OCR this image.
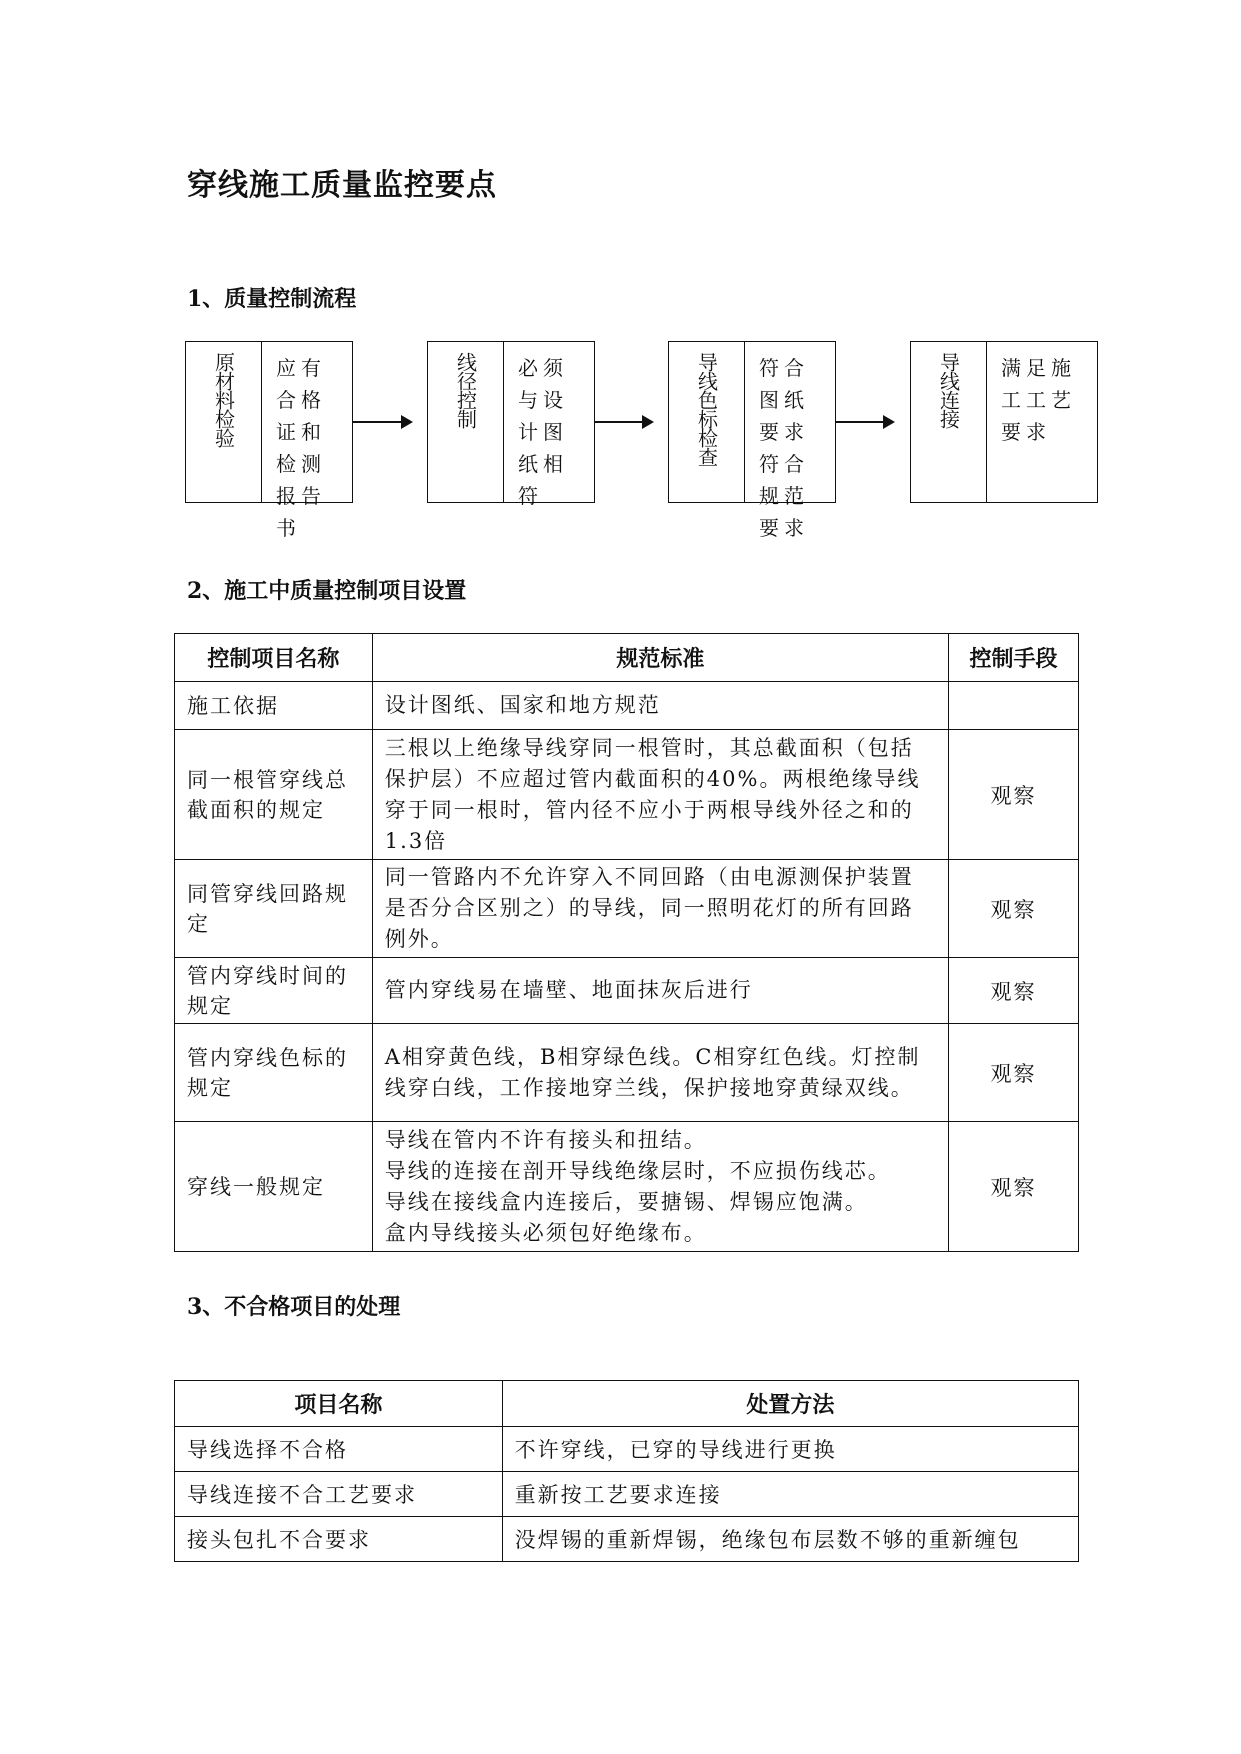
穿线施工质量监控要点
1、质量控制流程
原材料检验	应有合格证和检测报告书
线径控制	必须与设计图纸相符
导线色标检查	符合图纸要求符合规范要求
导线连接	满足施工工艺要求
2、施工中质量控制项目设置
控制项目名称	规范标准	控制手段
施工依据	设计图纸、国家和地方规范	
同一根管穿线总截面积的规定	三根以上绝缘导线穿同一根管时，其总截面积（包括保护层）不应超过管内截面积的40%。两根绝缘导线穿于同一根时，管内径不应小于两根导线外径之和的1.3倍	观察
同管穿线回路规定	同一管路内不允许穿入不同回路（由电源测保护装置是否分合区别之）的导线，同一照明花灯的所有回路例外。	观察
管内穿线时间的规定	管内穿线易在墙壁、地面抹灰后进行	观察
管内穿线色标的规定	A相穿黄色线，B相穿绿色线。C相穿红色线。灯控制线穿白线，工作接地穿兰线，保护接地穿黄绿双线。	观察
穿线一般规定	导线在管内不许有接头和扭结。
导线的连接在剖开导线绝缘层时，不应损伤线芯。
导线在接线盒内连接后，要搪锡、焊锡应饱满。
盒内导线接头必须包好绝缘布。	观察
3、不合格项目的处理
项目名称	处置方法
导线选择不合格	不许穿线，已穿的导线进行更换
导线连接不合工艺要求	重新按工艺要求连接
接头包扎不合要求	没焊锡的重新焊锡，绝缘包布层数不够的重新缠包
